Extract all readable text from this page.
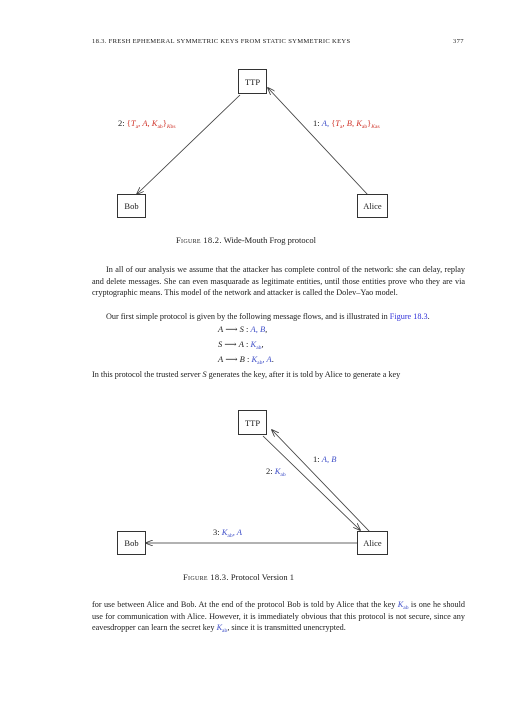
18.3. FRESH EPHEMERAL SYMMETRIC KEYS FROM STATIC SYMMETRIC KEYS	377
TTP
Bob	Alice
2: {$T_a$, A, $K_{ab}\}_{Kbs}$	1: A, {$T_a$, B, $K_{ab}\}_{Kas}$
Figure 18.2. Wide-Mouth Frog protocol

In all of our analysis we assume that the attacker has complete control of the network: she can delay, replay and delete messages. She can even masquarade as legitimate entities, until those entities prove who they are via cryptographic means. This model of the network and attacker is called the Dolev–Yao model.

Our first simple protocol is given by the following message flows, and is illustrated in Figure 18.3.

A ⟶ S : A, B,
S ⟶ A : $K_{ab}$,
A ⟶ B : $K_{ab}$, A.

In this protocol the trusted server S generates the key, after it is told by Alice to generate a key

TTP
Bob	Alice
1: A, B
2: $K_{ab}$
3: $K_{ab}$, A
Figure 18.3. Protocol Version 1

for use between Alice and Bob. At the end of the protocol Bob is told by Alice that the key $K_{ab}$ is one he should use for communication with Alice. However, it is immediately obvious that this protocol is not secure, since any eavesdropper can learn the secret key $K_{ab}$, since it is transmitted unencrypted.
